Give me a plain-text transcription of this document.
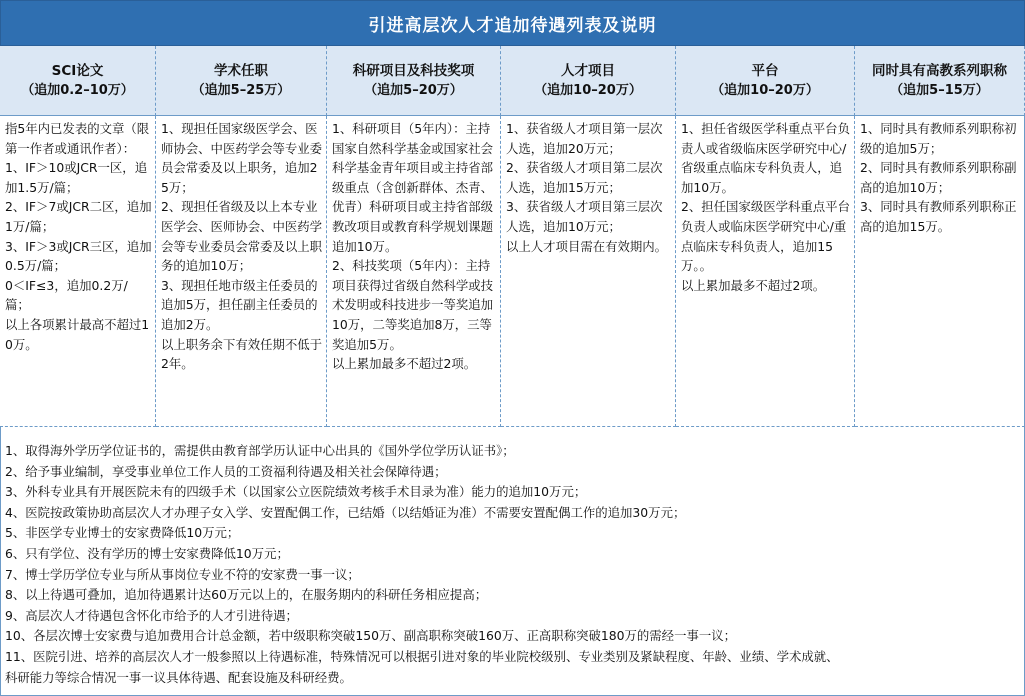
引进高层次人才追加待遇列表及说明
SCI论文
（追加0.2–10万）
学术任职
（追加5–25万）
科研项目及科技奖项
（追加5–20万）
人才项目
（追加10–20万）
平台
（追加10–20万）
同时具有高教系列职称
（追加5–15万）
指5年内已发表的文章（限第一作者或通讯作者）：
1、IF＞10或JCR一区，追加1.5万/篇；
2、IF＞7或JCR二区，追加1万/篇；
3、IF＞3或JCR三区，追加0.5万/篇；
0＜IF≤3，追加0.2万/篇；
以上各项累计最高不超过10万。
1、现担任国家级医学会、医师协会、中医药学会等专业委员会常委及以上职务，追加25万；
2、现担任省级及以上本专业医学会、医师协会、中医药学会等专业委员会常委及以上职务的追加10万；
3、现担任地市级主任委员的追加5万，担任副主任委员的追加2万。
以上职务余下有效任期不低于2年。
1、科研项目（5年内）：主持国家自然科学基金或国家社会科学基金青年项目或主持省部级重点（含创新群体、杰青、优青）科研项目或主持省部级教改项目或教育科学规划课题追加10万。
2、科技奖项（5年内）：主持项目获得过省级自然科学或技术发明或科技进步一等奖追加10万，二等奖追加8万，三等奖追加5万。
以上累加最多不超过2项。
1、获省级人才项目第一层次人选，追加20万元；
2、获省级人才项目第二层次人选，追加15万元；
3、获省级人才项目第三层次人选，追加10万元；
以上人才项目需在有效期内。
1、担任省级医学科重点平台负责人或省级临床医学研究中心/省级重点临床专科负责人，追加10万。
2、担任国家级医学科重点平台负责人或临床医学研究中心/重点临床专科负责人，追加15万。。
以上累加最多不超过2项。
1、同时具有教师系列职称初级的追加5万；
2、同时具有教师系列职称副高的追加10万；
3、同时具有教师系列职称正高的追加15万。
1、取得海外学历学位证书的，需提供由教育部学历认证中心出具的《国外学位学历认证书》；
2、给予事业编制，享受事业单位工作人员的工资福利待遇及相关社会保障待遇；
3、外科专业具有开展医院未有的四级手术（以国家公立医院绩效考核手术目录为准）能力的追加10万元；
4、医院按政策协助高层次人才办理子女入学、安置配偶工作，已结婚（以结婚证为准）不需要安置配偶工作的追加30万元；
5、非医学专业博士的安家费降低10万元；
6、只有学位、没有学历的博士安家费降低10万元；
7、博士学历学位专业与所从事岗位专业不符的安家费一事一议；
8、以上待遇可叠加，追加待遇累计达60万元以上的，在服务期内的科研任务相应提高；
9、高层次人才待遇包含怀化市给予的人才引进待遇；
10、各层次博士安家费与追加费用合计总金额，若中级职称突破150万、副高职称突破160万、正高职称突破180万的需经一事一议；
11、医院引进、培养的高层次人才一般参照以上待遇标准，特殊情况可以根据引进对象的毕业院校级别、专业类别及紧缺程度、年龄、业绩、学术成就、
科研能力等综合情况一事一议具体待遇、配套设施及科研经费。
